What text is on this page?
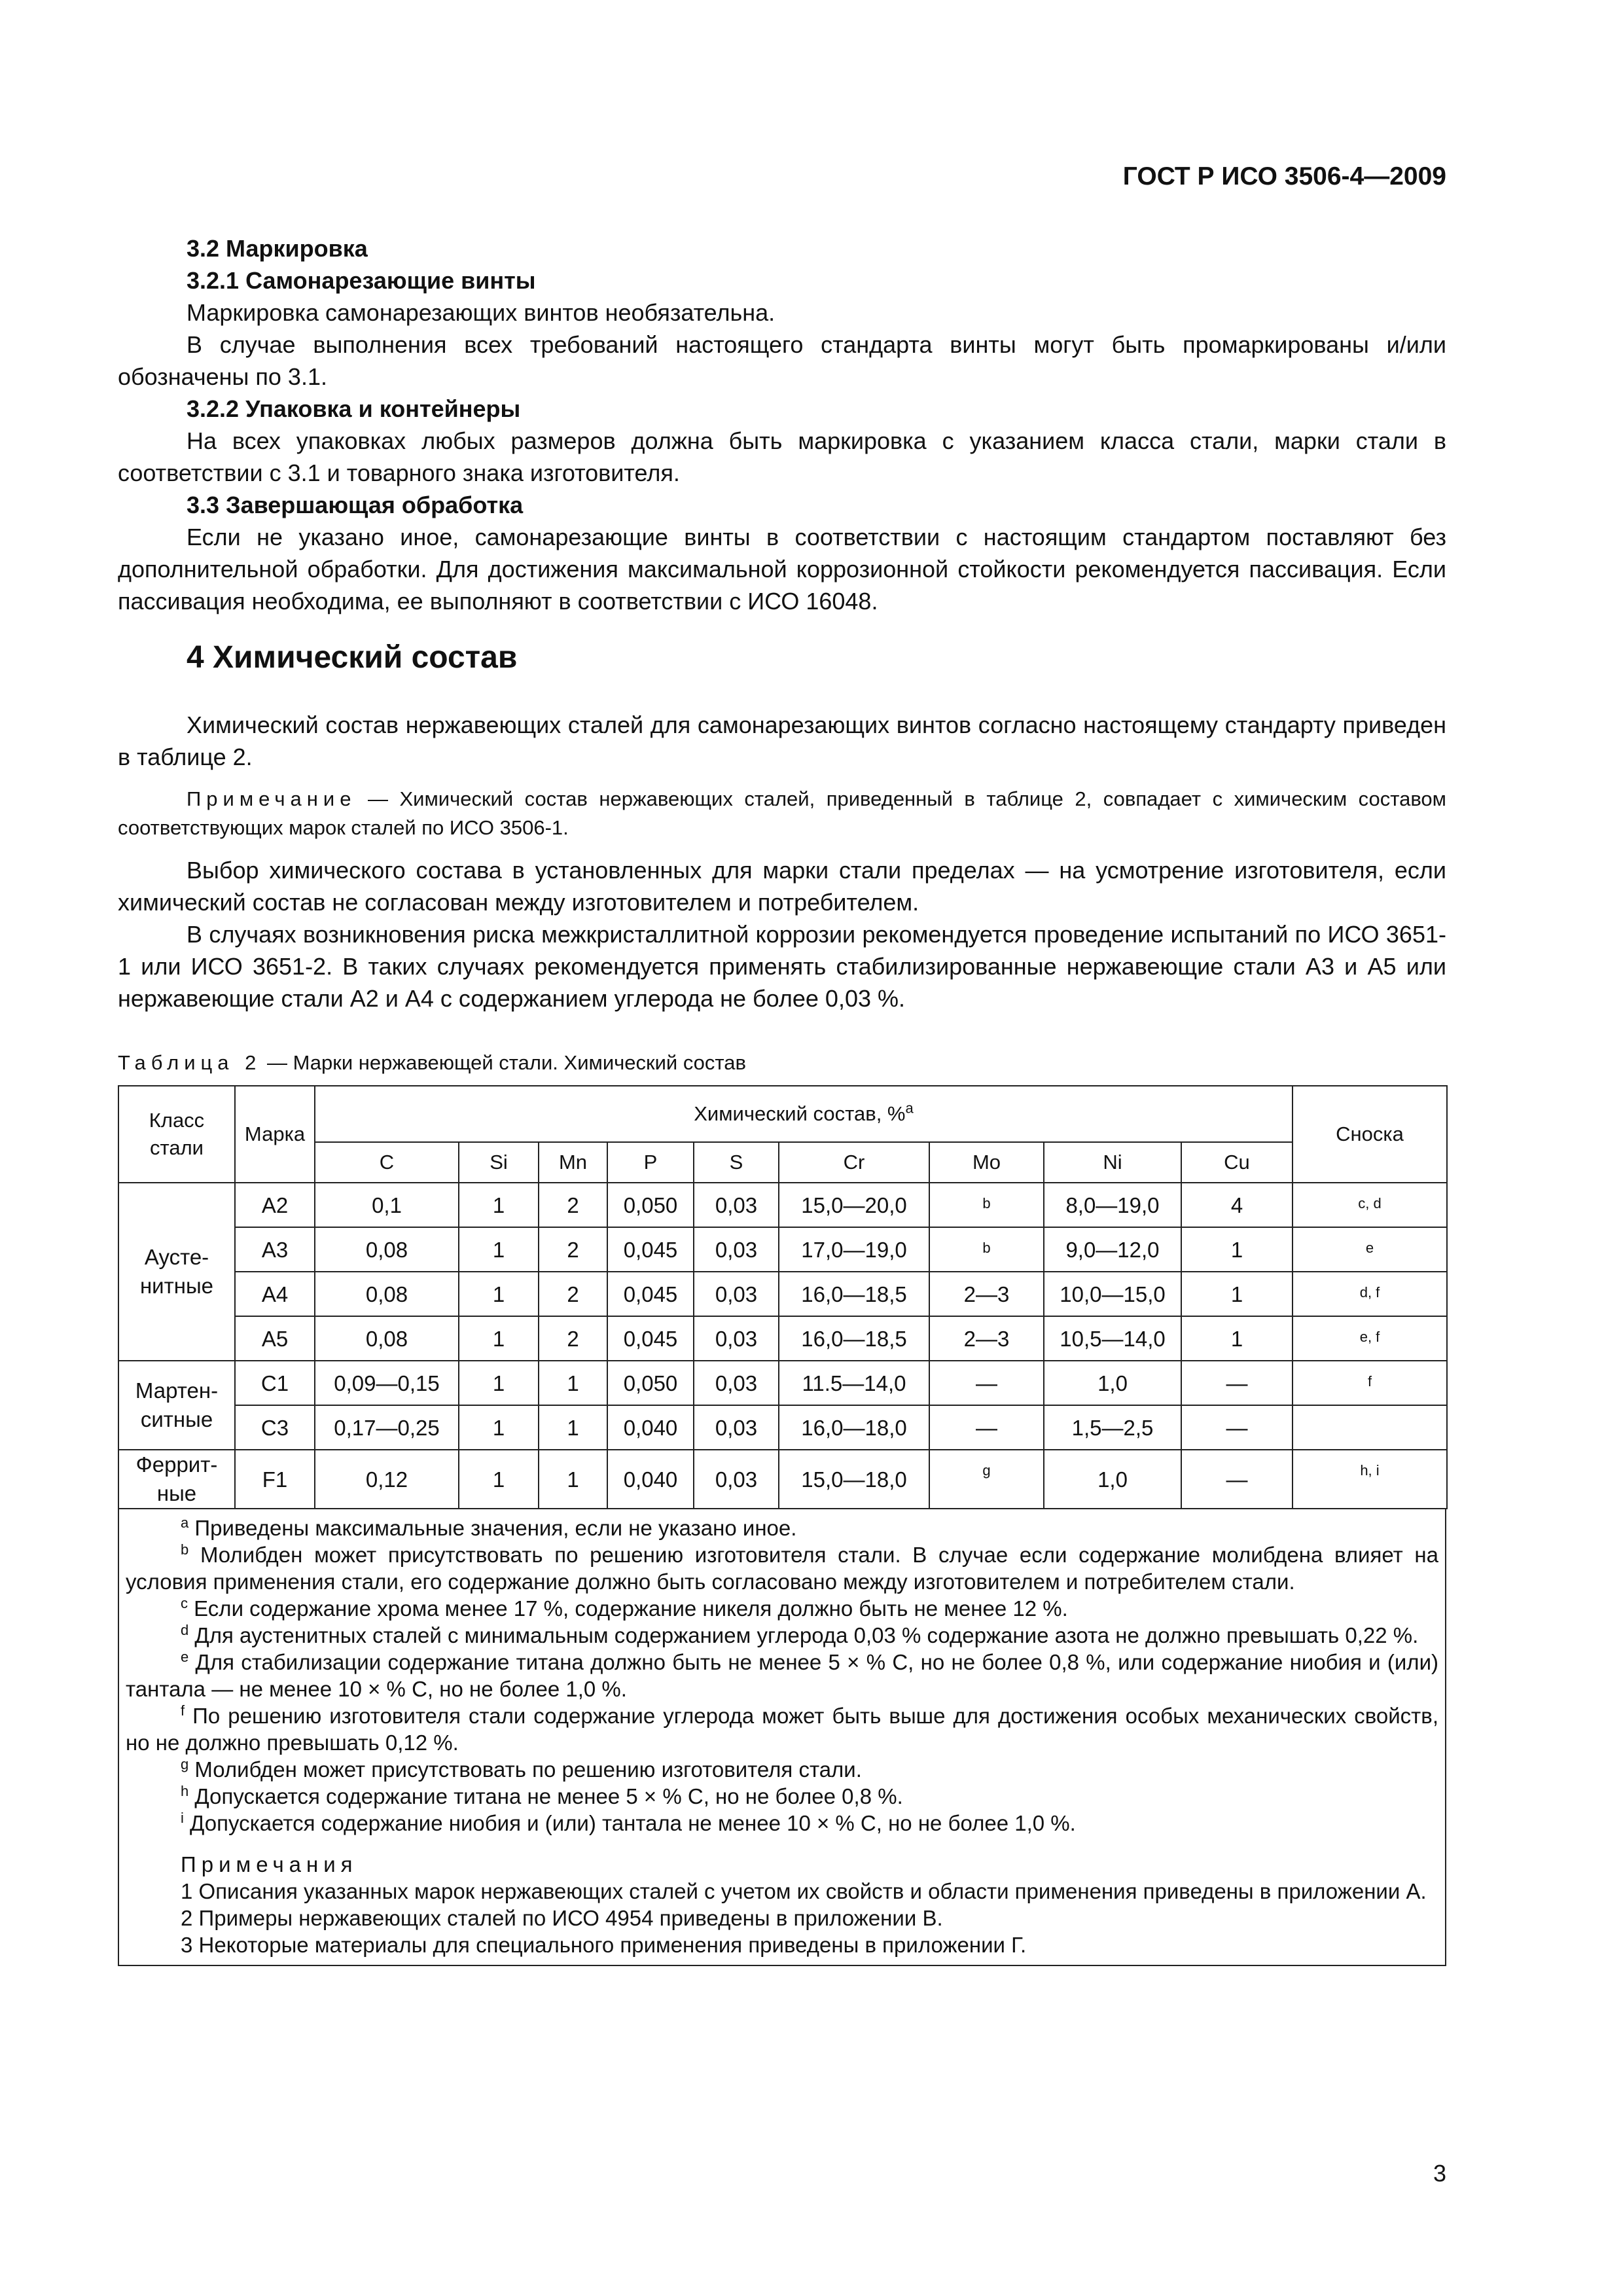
ГОСТ Р ИСО 3506-4—2009
3.2 Маркировка
3.2.1 Самонарезающие винты
Маркировка самонарезающих винтов необязательна.
В случае выполнения всех требований настоящего стандарта винты могут быть промаркированы и/или обозначены по 3.1.
3.2.2 Упаковка и контейнеры
На всех упаковках любых размеров должна быть маркировка с указанием класса стали, марки стали в соответствии с 3.1 и товарного знака изготовителя.
3.3 Завершающая обработка
Если не указано иное, самонарезающие винты в соответствии с настоящим стандартом поставляют без дополнительной обработки. Для достижения максимальной коррозионной стойкости рекомендуется пассивация. Если пассивация необходима, ее выполняют в соответствии с ИСО 16048.
4 Химический состав
Химический состав нержавеющих сталей для самонарезающих винтов согласно настоящему стандарту приведен в таблице 2.
Примечание — Химический состав нержавеющих сталей, приведенный в таблице 2, совпадает с химическим составом соответствующих марок сталей по ИСО 3506-1.
Выбор химического состава в установленных для марки стали пределах — на усмотрение изготовителя, если химический состав не согласован между изготовителем и потребителем.
В случаях возникновения риска межкристаллитной коррозии рекомендуется проведение испытаний по ИСО 3651-1 или ИСО 3651-2. В таких случаях рекомендуется применять стабилизированные нержавеющие стали А3 и А5 или нержавеющие стали А2 и А4 с содержанием углерода не более 0,03 %.
Таблица 2 — Марки нержавеющей стали. Химический состав
Класс стали	Марка	Химический состав, %$^a$									Сноска
		C	Si	Mn	P	S	Cr	Mo	Ni	Cu	
Аусте-
нитные	A2	0,1	1	2	0,050	0,03	15,0—20,0	b	8,0—19,0	4	c, d
	A3	0,08	1	2	0,045	0,03	17,0—19,0	b	9,0—12,0	1	e
	A4	0,08	1	2	0,045	0,03	16,0—18,5	2—3	10,0—15,0	1	d, f
	A5	0,08	1	2	0,045	0,03	16,0—18,5	2—3	10,5—14,0	1	e, f
Мартен-
ситные	C1	0,09—0,15	1	1	0,050	0,03	11.5—14,0	—	1,0	—	f
	C3	0,17—0,25	1	1	0,040	0,03	16,0—18,0	—	1,5—2,5	—	
Феррит-
ные	F1	0,12	1	1	0,040	0,03	15,0—18,0	g	1,0	—	h, i
$^a$ Приведены максимальные значения, если не указано иное.
$^b$ Молибден может присутствовать по решению изготовителя стали. В случае если содержание молибдена влияет на условия применения стали, его содержание должно быть согласовано между изготовителем и потребителем стали.
$^c$ Если содержание хрома менее 17 %, содержание никеля должно быть не менее 12 %.
$^d$ Для аустенитных сталей с минимальным содержанием углерода 0,03 % содержание азота не должно превышать 0,22 %.
$^e$ Для стабилизации содержание титана должно быть не менее 5 × % С, но не более 0,8 %, или содержание ниобия и (или) тантала — не менее 10 × % С, но не более 1,0 %.
$^f$ По решению изготовителя стали содержание углерода может быть выше для достижения особых механических свойств, но не должно превышать 0,12 %.
$^g$ Молибден может присутствовать по решению изготовителя стали.
$^h$ Допускается содержание титана не менее 5 × % С, но не более 0,8 %.
$^i$ Допускается содержание ниобия и (или) тантала не менее 10 × % С, но не более 1,0 %.
Примечания
1 Описания указанных марок нержавеющих сталей с учетом их свойств и области применения приведены в приложении А.
2 Примеры нержавеющих сталей по ИСО 4954 приведены в приложении В.
3 Некоторые материалы для специального применения приведены в приложении Г.
3
